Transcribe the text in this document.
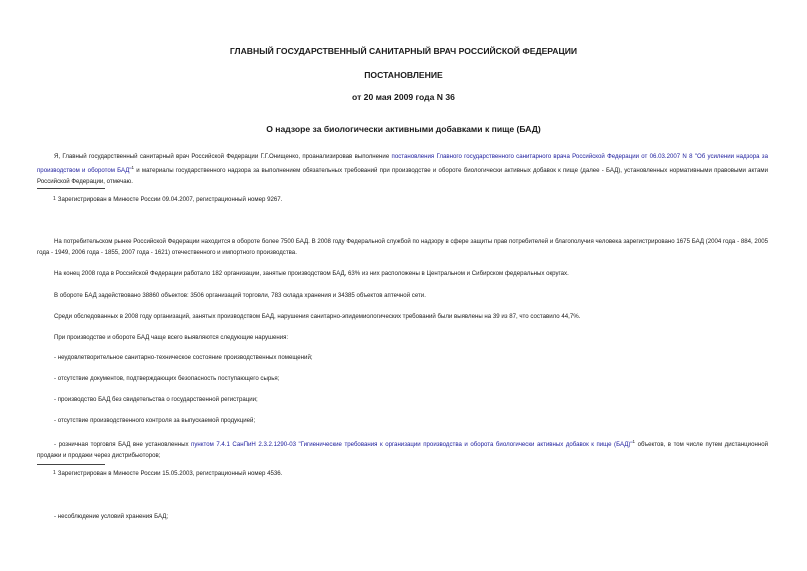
ГЛАВНЫЙ ГОСУДАРСТВЕННЫЙ САНИТАРНЫЙ ВРАЧ РОССИЙСКОЙ ФЕДЕРАЦИИ
ПОСТАНОВЛЕНИЕ
от 20 мая 2009 года N 36
О надзоре за биологически активными добавками к пище (БАД)
Я, Главный государственный санитарный врач Российской Федерации Г.Г.Онищенко, проанализировав выполнение постановления Главного государственного санитарного врача Российской Федерации от 06.03.2007 N 8 "Об усилении надзора за производством и оборотом БАД"$^1$ и материалы государственного надзора за выполнением обязательных требований при производстве и обороте биологически активных добавок к пище (далее - БАД), установленных нормативными правовыми актами Российской Федерации, отмечаю.
1 Зарегистрирован в Минюсте России 09.04.2007, регистрационный номер 9267.
На потребительском рынке Российской Федерации находится в обороте более 7500 БАД. В 2008 году Федеральной службой по надзору в сфере защиты прав потребителей и благополучия человека зарегистрировано 1675 БАД (2004 года - 884, 2005 года - 1949, 2006 года - 1855, 2007 года - 1621) отечественного и импортного производства.
На конец 2008 года в Российской Федерации работало 182 организации, занятые производством БАД, 63% из них расположены в Центральном и Сибирском федеральных округах.
В обороте БАД задействовано 38860 объектов: 3506 организаций торговли, 783 склада хранения и 34385 объектов аптечной сети.
Среди обследованных в 2008 году организаций, занятых производством БАД, нарушения санитарно-эпидемиологических требований были выявлены на 39 из 87, что составило 44,7%.
При производстве и обороте БАД чаще всего выявляются следующие нарушения:
- неудовлетворительное санитарно-техническое состояние производственных помещений;
- отсутствие документов, подтверждающих безопасность поступающего сырья;
- производство БАД без свидетельства о государственной регистрации;
- отсутствие производственного контроля за выпускаемой продукцией;
- розничная торговля БАД вне установленных пунктом 7.4.1 СанПиН 2.3.2.1290-03 "Гигиенические требования к организации производства и оборота биологически активных добавок к пище (БАД)"$^1$ объектов, в том числе путем дистанционной продажи и продажи через дистрибьюторов;
1 Зарегистрирован в Минюсте России 15.05.2003, регистрационный номер 4536.
- несоблюдение условий хранения БАД;
